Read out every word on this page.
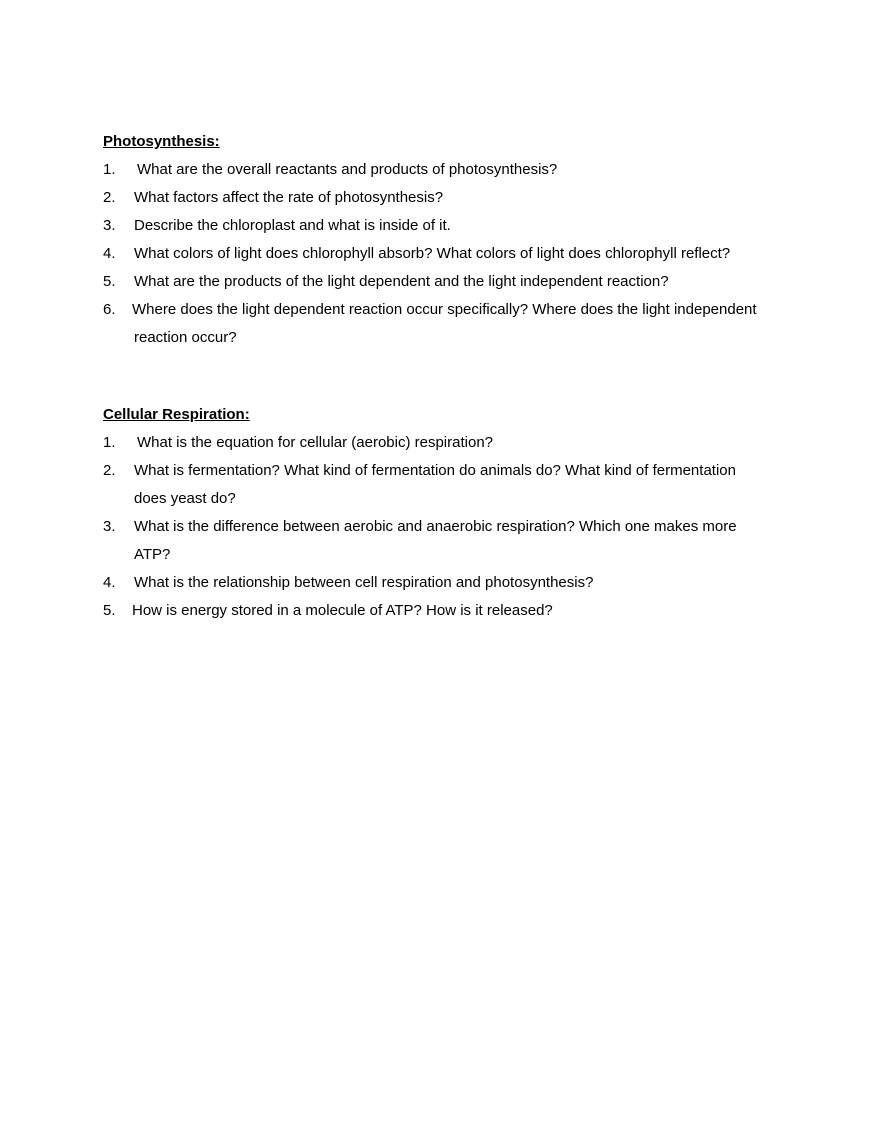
Photosynthesis:
1. What are the overall reactants and products of photosynthesis?
2. What factors affect the rate of photosynthesis?
3. Describe the chloroplast and what is inside of it.
4. What colors of light does chlorophyll absorb? What colors of light does chlorophyll reflect?
5. What are the products of the light dependent and the light independent reaction?
6. Where does the light dependent reaction occur specifically? Where does the light independent
reaction occur?
Cellular Respiration:
1. What is the equation for cellular (aerobic) respiration?
2. What is fermentation? What kind of fermentation do animals do? What kind of fermentation
does yeast do?
3. What is the difference between aerobic and anaerobic respiration? Which one makes more
ATP?
4. What is the relationship between cell respiration and photosynthesis?
5. How is energy stored in a molecule of ATP? How is it released?
